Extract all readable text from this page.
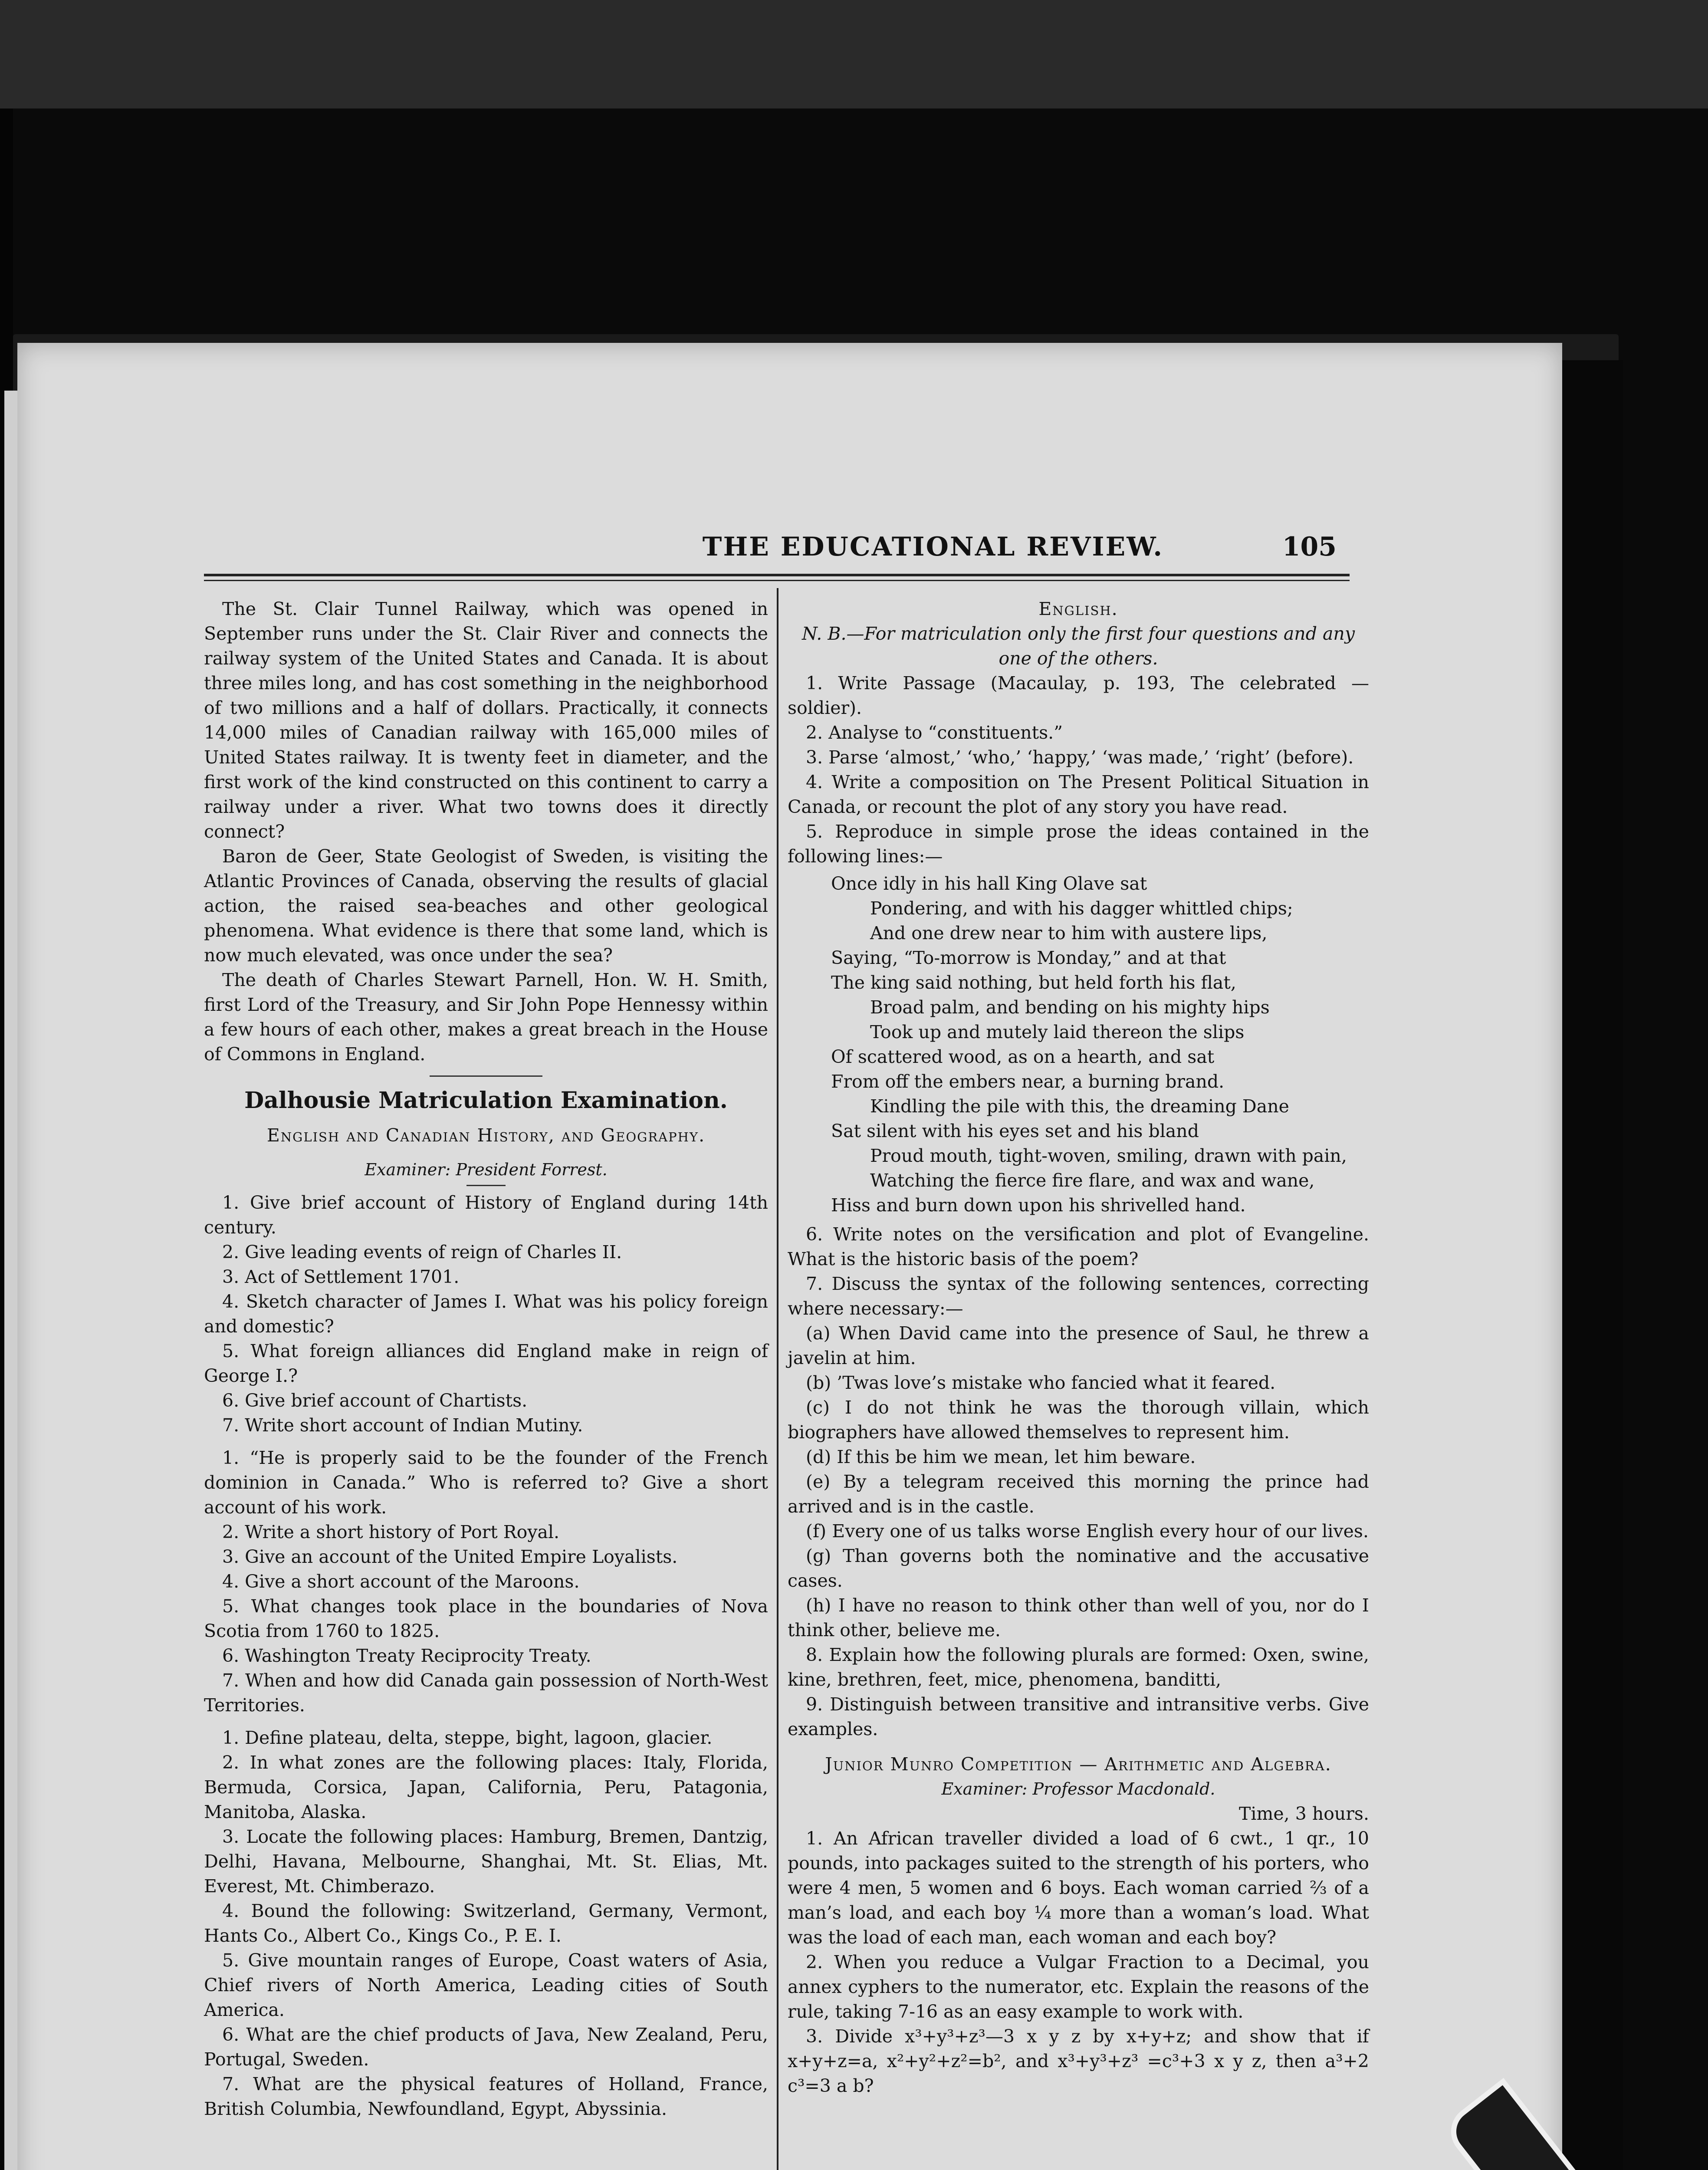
THE EDUCATIONAL REVIEW.	105

The St. Clair Tunnel Railway, which was opened in September runs under the St. Clair River and connects the railway system of the United States and Canada. It is about three miles long, and has cost something in the neighborhood of two millions and a half of dollars. Practically, it connects 14,000 miles of Canadian railway with 165,000 miles of United States railway. It is twenty feet in diameter, and the first work of the kind constructed on this continent to carry a railway under a river. What two towns does it directly connect?

Baron de Geer, State Geologist of Sweden, is visiting the Atlantic Provinces of Canada, observing the results of glacial action, the raised sea-beaches and other geological phenomena. What evidence is there that some land, which is now much elevated, was once under the sea?

The death of Charles Stewart Parnell, Hon. W. H. Smith, first Lord of the Treasury, and Sir John Pope Hennessy within a few hours of each other, makes a great breach in the House of Commons in England.

Dalhousie Matriculation Examination.

English and Canadian History, and Geography.

Examiner: President Forrest.

1. Give brief account of History of England during 14th century.

2. Give leading events of reign of Charles II.

3. Act of Settlement 1701.

4. Sketch character of James I. What was his policy foreign and domestic?

5. What foreign alliances did England make in reign of George I.?

6. Give brief account of Chartists.

7. Write short account of Indian Mutiny.

1. “He is properly said to be the founder of the French dominion in Canada.” Who is referred to? Give a short account of his work.

2. Write a short history of Port Royal.

3. Give an account of the United Empire Loyalists.

4. Give a short account of the Maroons.

5. What changes took place in the boundaries of Nova Scotia from 1760 to 1825.

6. Washington Treaty Reciprocity Treaty.

7. When and how did Canada gain possession of North-West Territories.

1. Define plateau, delta, steppe, bight, lagoon, glacier.

2. In what zones are the following places: Italy, Florida, Bermuda, Corsica, Japan, California, Peru, Patagonia, Manitoba, Alaska.

3. Locate the following places: Hamburg, Bremen, Dantzig, Delhi, Havana, Melbourne, Shanghai, Mt. St. Elias, Mt. Everest, Mt. Chimberazo.

4. Bound the following: Switzerland, Germany, Vermont, Hants Co., Albert Co., Kings Co., P. E. I.

5. Give mountain ranges of Europe, Coast waters of Asia, Chief rivers of North America, Leading cities of South America.

6. What are the chief products of Java, New Zealand, Peru, Portugal, Sweden.

7. What are the physical features of Holland, France, British Columbia, Newfoundland, Egypt, Abyssinia.

English.

N. B.—For matriculation only the first four questions and any one of the others.

1. Write Passage (Macaulay, p. 193, The celebrated — soldier).

2. Analyse to “constituents.”

3. Parse ‘almost,’ ‘who,’ ‘happy,’ ‘was made,’ ‘right’ (before).

4. Write a composition on The Present Political Situation in Canada, or recount the plot of any story you have read.

5. Reproduce in simple prose the ideas contained in the following lines:—

Once idly in his hall King Olave sat
Pondering, and with his dagger whittled chips;
And one drew near to him with austere lips,
Saying, “To-morrow is Monday,” and at that
The king said nothing, but held forth his flat,
Broad palm, and bending on his mighty hips
Took up and mutely laid thereon the slips
Of scattered wood, as on a hearth, and sat
From off the embers near, a burning brand.
Kindling the pile with this, the dreaming Dane
Sat silent with his eyes set and his bland
Proud mouth, tight-woven, smiling, drawn with pain,
Watching the fierce fire flare, and wax and wane,
Hiss and burn down upon his shrivelled hand.

6. Write notes on the versification and plot of Evangeline. What is the historic basis of the poem?

7. Discuss the syntax of the following sentences, correcting where necessary:—

(a) When David came into the presence of Saul, he threw a javelin at him.

(b) ’Twas love’s mistake who fancied what it feared.

(c) I do not think he was the thorough villain, which biographers have allowed themselves to represent him.

(d) If this be him we mean, let him beware.

(e) By a telegram received this morning the prince had arrived and is in the castle.

(f) Every one of us talks worse English every hour of our lives.

(g) Than governs both the nominative and the accusative cases.

(h) I have no reason to think other than well of you, nor do I think other, believe me.

8. Explain how the following plurals are formed: Oxen, swine, kine, brethren, feet, mice, phenomena, banditti,

9. Distinguish between transitive and intransitive verbs. Give examples.

Junior Munro Competition — Arithmetic and Algebra.

Examiner: Professor Macdonald.

Time, 3 hours.

1. An African traveller divided a load of 6 cwt., 1 qr., 10 pounds, into packages suited to the strength of his porters, who were 4 men, 5 women and 6 boys. Each woman carried ⅔ of a man’s load, and each boy ¼ more than a woman’s load. What was the load of each man, each woman and each boy?

2. When you reduce a Vulgar Fraction to a Decimal, you annex cyphers to the numerator, etc. Explain the reasons of the rule, taking 7-16 as an easy example to work with.

3. Divide x³+y³+z³—3 x y z by x+y+z; and show that if x+y+z=a, x²+y²+z²=b², and x³+y³+z³ =c³+3 x y z, then a³+2 c³=3 a b?
